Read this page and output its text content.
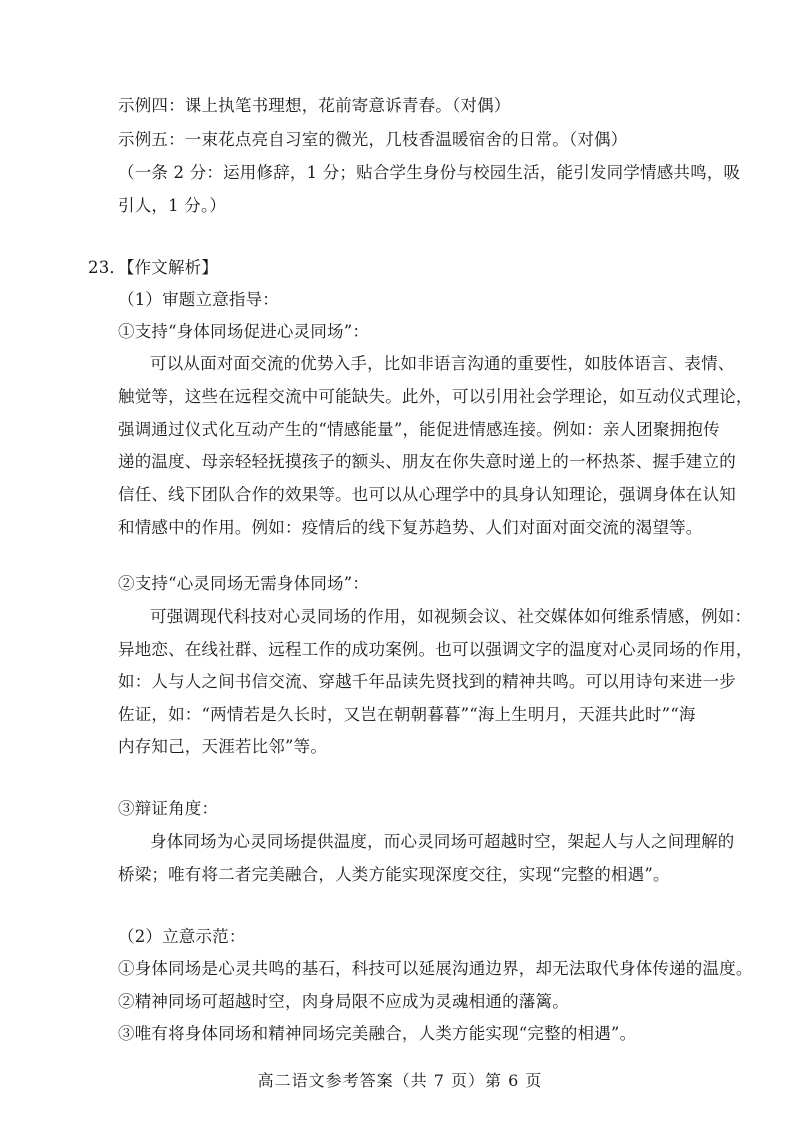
示例四：课上执笔书理想，花前寄意诉青春。（对偶）
示例五：一束花点亮自习室的微光，几枝香温暖宿舍的日常。（对偶）
（一条 2 分：运用修辞，1 分；贴合学生身份与校园生活，能引发同学情感共鸣，吸
引人，1 分。）
23．【作文解析】
（1）审题立意指导：
①支持“身体同场促进心灵同场”：
可以从面对面交流的优势入手，比如非语言沟通的重要性，如肢体语言、表情、
触觉等，这些在远程交流中可能缺失。此外，可以引用社会学理论，如互动仪式理论，
强调通过仪式化互动产生的“情感能量”，能促进情感连接。例如：亲人团聚拥抱传
递的温度、母亲轻轻抚摸孩子的额头、朋友在你失意时递上的一杯热茶、握手建立的
信任、线下团队合作的效果等。也可以从心理学中的具身认知理论，强调身体在认知
和情感中的作用。例如：疫情后的线下复苏趋势、人们对面对面交流的渴望等。
②支持“心灵同场无需身体同场”：
可强调现代科技对心灵同场的作用，如视频会议、社交媒体如何维系情感，例如：
异地恋、在线社群、远程工作的成功案例。也可以强调文字的温度对心灵同场的作用，
如：人与人之间书信交流、穿越千年品读先贤找到的精神共鸣。可以用诗句来进一步
佐证，如：“两情若是久长时，又岂在朝朝暮暮”“海上生明月，天涯共此时”“海
内存知己，天涯若比邻”等。
③辩证角度：
身体同场为心灵同场提供温度，而心灵同场可超越时空，架起人与人之间理解的
桥梁；唯有将二者完美融合，人类方能实现深度交往，实现“完整的相遇”。
（2）立意示范：
①身体同场是心灵共鸣的基石，科技可以延展沟通边界，却无法取代身体传递的温度。
②精神同场可超越时空，肉身局限不应成为灵魂相通的藩篱。
③唯有将身体同场和精神同场完美融合，人类方能实现“完整的相遇”。
高二语文参考答案（共 7 页）第 6 页
